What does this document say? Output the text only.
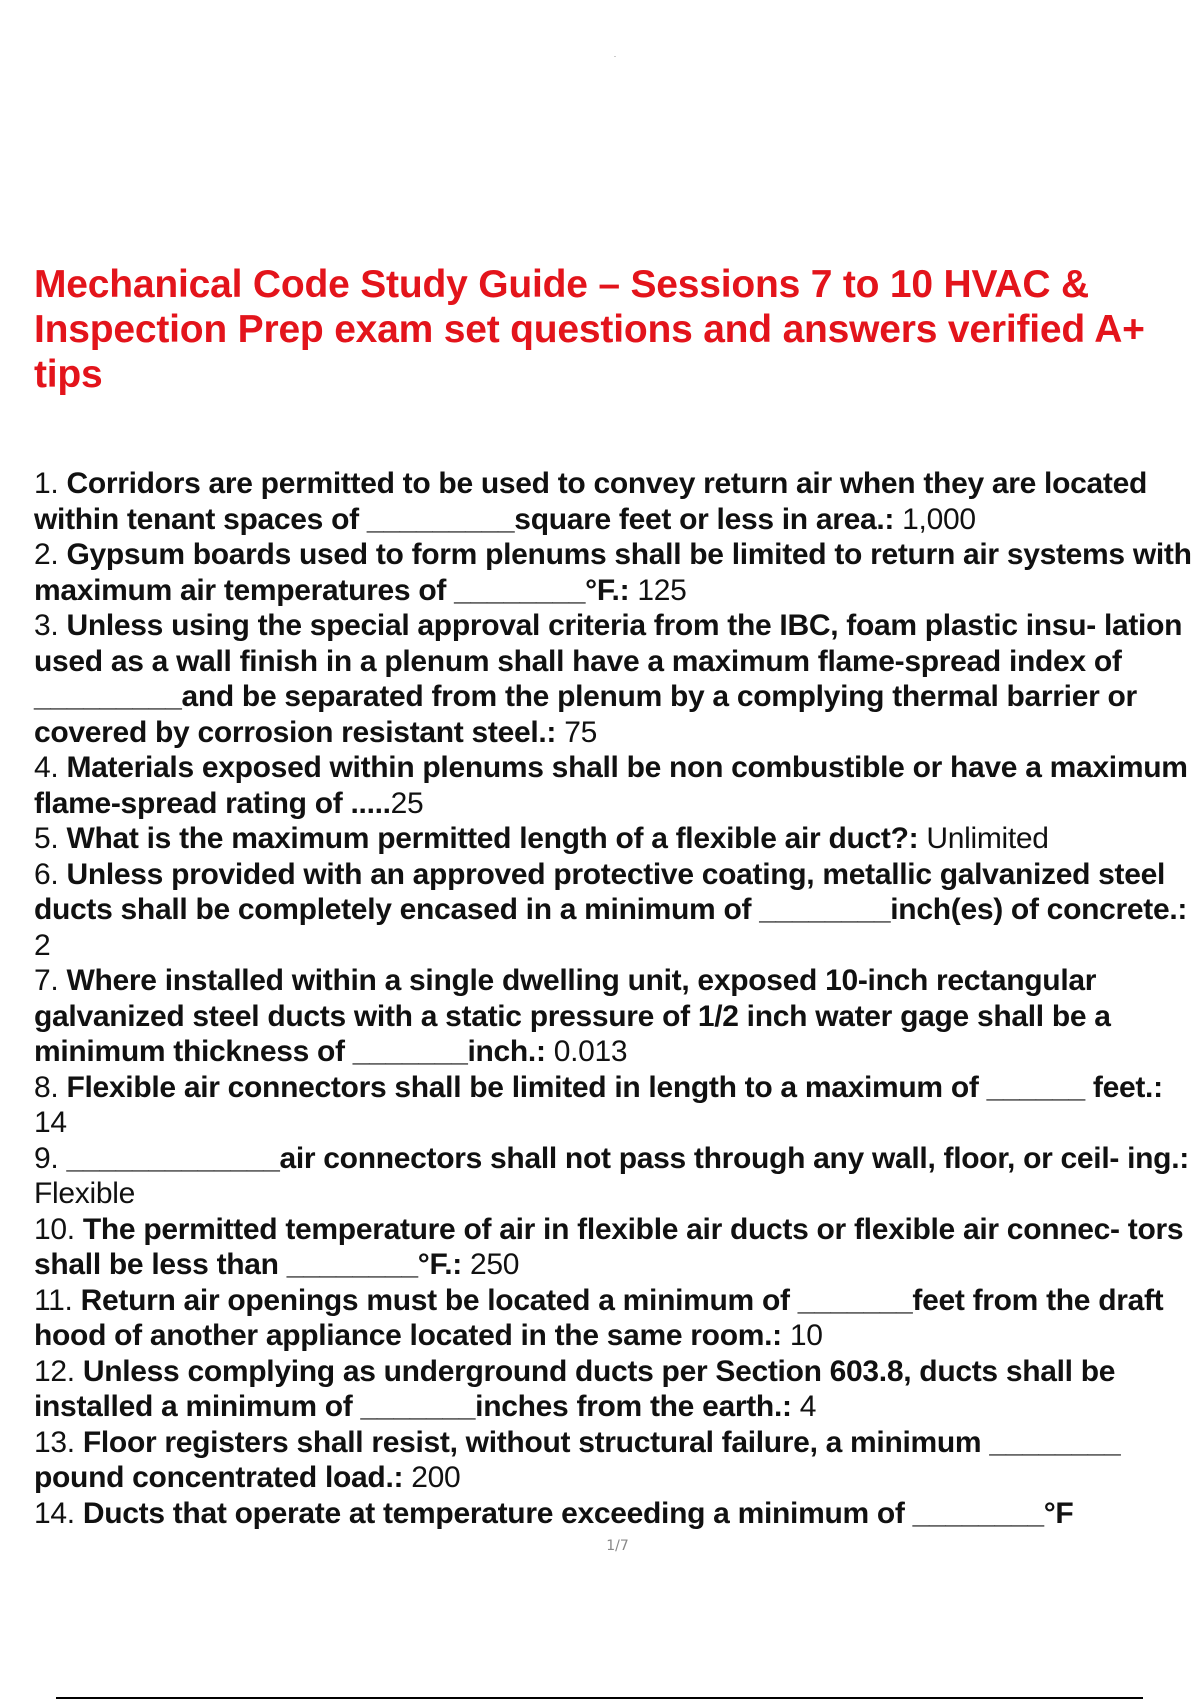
Mechanical Code Study Guide – Sessions 7 to 10 HVAC & Inspection Prep exam set questions and answers verified A+ tips
1. Corridors are permitted to be used to convey return air when they are located within tenant spaces of _________square feet or less in area.: 1,000
2. Gypsum boards used to form plenums shall be limited to return air systems with maximum air temperatures of ________°F.: 125
3. Unless using the special approval criteria from the IBC, foam plastic insu- lation used as a wall finish in a plenum shall have a maximum flame-spread index of _________and be separated from the plenum by a complying thermal barrier or covered by corrosion resistant steel.: 75
4. Materials exposed within plenums shall be non combustible or have a maximum flame-spread rating of .....25
5. What is the maximum permitted length of a flexible air duct?: Unlimited
6. Unless provided with an approved protective coating, metallic galvanized steel ducts shall be completely encased in a minimum of ________inch(es) of concrete.: 2
7. Where installed within a single dwelling unit, exposed 10-inch rectangular galvanized steel ducts with a static pressure of 1/2 inch water gage shall be a minimum thickness of _______inch.: 0.013
8. Flexible air connectors shall be limited in length to a maximum of ______ feet.: 14
9. _____________air connectors shall not pass through any wall, floor, or ceil- ing.: Flexible
10. The permitted temperature of air in flexible air ducts or flexible air connec- tors shall be less than ________°F.: 250
11. Return air openings must be located a minimum of _______feet from the draft hood of another appliance located in the same room.: 10
12. Unless complying as underground ducts per Section 603.8, ducts shall be installed a minimum of _______inches from the earth.: 4
13. Floor registers shall resist, without structural failure, a minimum ________ pound concentrated load.: 200
14. Ducts that operate at temperature exceeding a minimum of ________°F
1/7
